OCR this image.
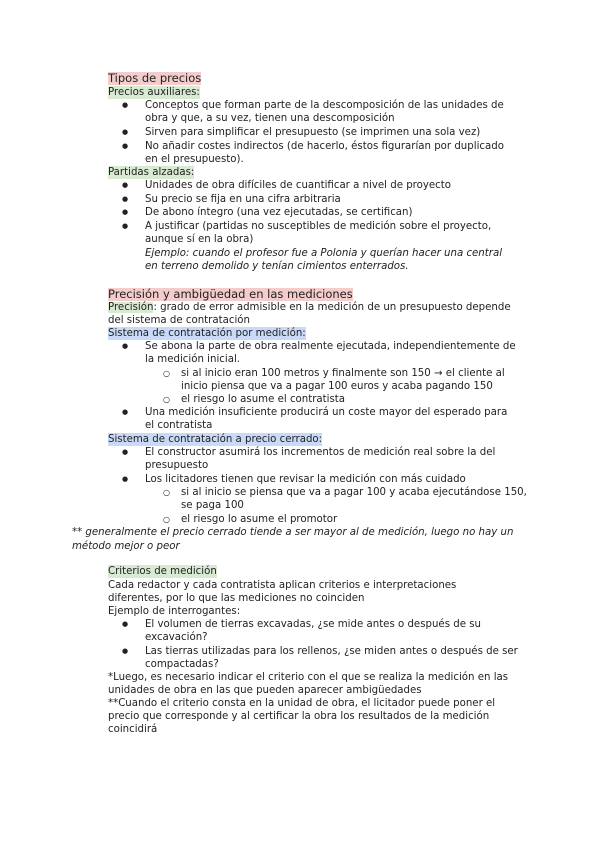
Tipos de precios
Precios auxiliares:
● Conceptos que forman parte de la descomposición de las unidades de
obra y que, a su vez, tienen una descomposición
● Sirven para simplificar el presupuesto (se imprimen una sola vez)
● No añadir costes indirectos (de hacerlo, éstos figurarían por duplicado
en el presupuesto).
Partidas alzadas:
● Unidades de obra difíciles de cuantificar a nivel de proyecto
● Su precio se fija en una cifra arbitraria
● De abono íntegro (una vez ejecutadas, se certifican)
● A justificar (partidas no susceptibles de medición sobre el proyecto,
aunque sí en la obra)
Ejemplo: cuando el profesor fue a Polonia y querían hacer una central
en terreno demolido y tenían cimientos enterrados.
Precisión y ambigüedad en las mediciones
Precisión: grado de error admisible en la medición de un presupuesto depende
del sistema de contratación
Sistema de contratación por medición:
● Se abona la parte de obra realmente ejecutada, independientemente de
la medición inicial.
○ si al inicio eran 100 metros y finalmente son 150 → el cliente al
inicio piensa que va a pagar 100 euros y acaba pagando 150
○ el riesgo lo asume el contratista
● Una medición insuficiente producirá un coste mayor del esperado para
el contratista
Sistema de contratación a precio cerrado:
● El constructor asumirá los incrementos de medición real sobre la del
presupuesto
● Los licitadores tienen que revisar la medición con más cuidado
○ si al inicio se piensa que va a pagar 100 y acaba ejecutándose 150,
se paga 100
○ el riesgo lo asume el promotor
** generalmente el precio cerrado tiende a ser mayor al de medición, luego no hay un
método mejor o peor
Criterios de medición
Cada redactor y cada contratista aplican criterios e interpretaciones
diferentes, por lo que las mediciones no coinciden
Ejemplo de interrogantes:
● El volumen de tierras excavadas, ¿se mide antes o después de su
excavación?
● Las tierras utilizadas para los rellenos, ¿se miden antes o después de ser
compactadas?
*Luego, es necesario indicar el criterio con el que se realiza la medición en las
unidades de obra en las que pueden aparecer ambigüedades
**Cuando el criterio consta en la unidad de obra, el licitador puede poner el
precio que corresponde y al certificar la obra los resultados de la medición
coincidirá
